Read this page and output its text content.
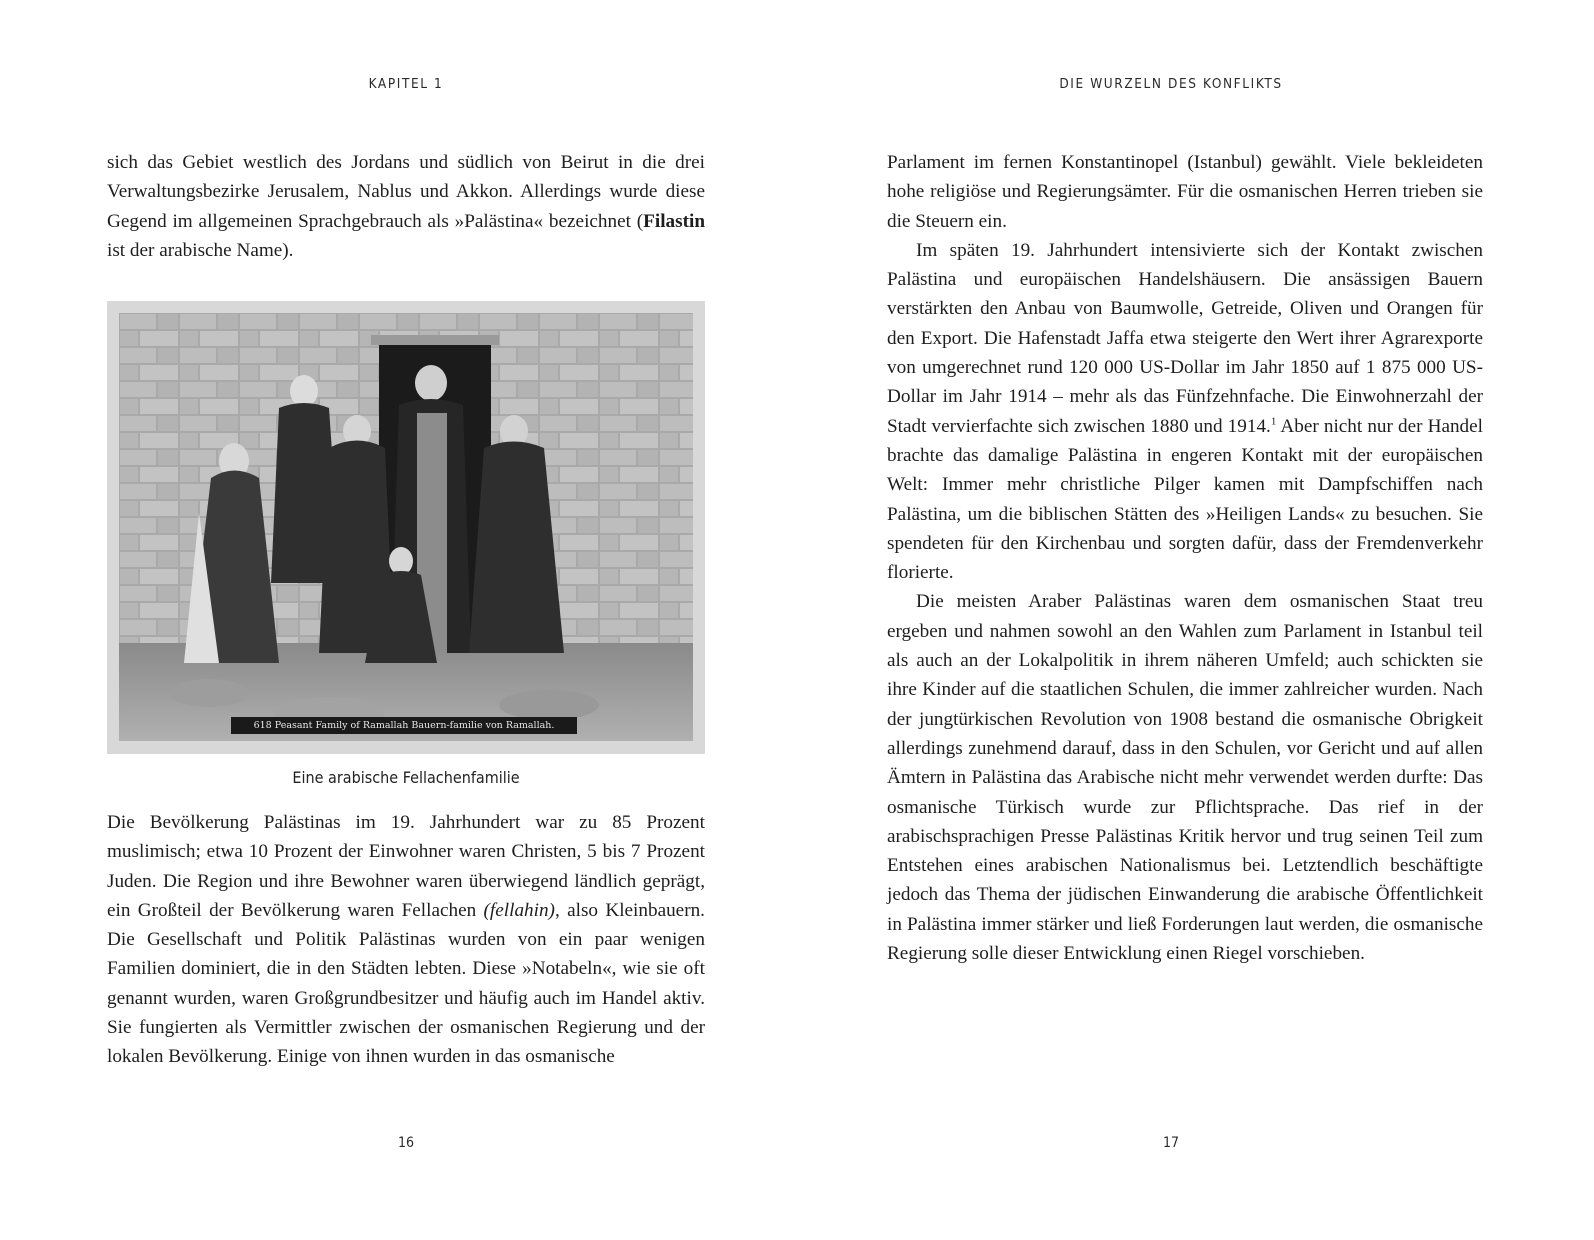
KAPITEL 1

sich das Gebiet westlich des Jordans und südlich von Beirut in die drei Verwaltungsbezirke Jerusalem, Nablus und Akkon. Allerdings wurde diese Gegend im allgemeinen Sprachgebrauch als »Palästina« bezeichnet (Filastin ist der arabische Name).

618 Peasant Family of Ramallah Bauern-familie von Ramallah.
Eine arabische Fellachenfamilie

Die Bevölkerung Palästinas im 19. Jahrhundert war zu 85 Prozent muslimisch; etwa 10 Prozent der Einwohner waren Christen, 5 bis 7 Prozent Juden. Die Region und ihre Bewohner waren überwiegend ländlich geprägt, ein Großteil der Bevölkerung waren Fellachen (fellahin), also Kleinbauern. Die Gesellschaft und Politik Palästinas wurden von ein paar wenigen Familien dominiert, die in den Städten lebten. Diese »Notabeln«, wie sie oft genannt wurden, waren Großgrundbesitzer und häufig auch im Handel aktiv. Sie fungierten als Vermittler zwischen der osmanischen Regierung und der lokalen Bevölkerung. Einige von ihnen wurden in das osmanische

16
DIE WURZELN DES KONFLIKTS

Parlament im fernen Konstantinopel (Istanbul) gewählt. Viele bekleideten hohe religiöse und Regierungsämter. Für die osmanischen Herren trieben sie die Steuern ein.

Im späten 19. Jahrhundert intensivierte sich der Kontakt zwischen Palästina und europäischen Handelshäusern. Die ansässigen Bauern verstärkten den Anbau von Baumwolle, Getreide, Oliven und Orangen für den Export. Die Hafenstadt Jaffa etwa steigerte den Wert ihrer Agrarexporte von umgerechnet rund 120 000 US-Dollar im Jahr 1850 auf 1 875 000 US-Dollar im Jahr 1914 – mehr als das Fünfzehnfache. Die Einwohnerzahl der Stadt vervierfachte sich zwischen 1880 und 1914.$^1$ Aber nicht nur der Handel brachte das damalige Palästina in engeren Kontakt mit der europäischen Welt: Immer mehr christliche Pilger kamen mit Dampfschiffen nach Palästina, um die biblischen Stätten des »Heiligen Lands« zu besuchen. Sie spendeten für den Kirchenbau und sorgten dafür, dass der Fremdenverkehr florierte.

Die meisten Araber Palästinas waren dem osmanischen Staat treu ergeben und nahmen sowohl an den Wahlen zum Parlament in Istanbul teil als auch an der Lokalpolitik in ihrem näheren Umfeld; auch schickten sie ihre Kinder auf die staatlichen Schulen, die immer zahlreicher wurden. Nach der jungtürkischen Revolution von 1908 bestand die osmanische Obrigkeit allerdings zunehmend darauf, dass in den Schulen, vor Gericht und auf allen Ämtern in Palästina das Arabische nicht mehr verwendet werden durfte: Das osmanische Türkisch wurde zur Pflichtsprache. Das rief in der arabischsprachigen Presse Palästinas Kritik hervor und trug seinen Teil zum Entstehen eines arabischen Nationalismus bei. Letztendlich beschäftigte jedoch das Thema der jüdischen Einwanderung die arabische Öffentlichkeit in Palästina immer stärker und ließ Forderungen laut werden, die osmanische Regierung solle dieser Entwicklung einen Riegel vorschieben.

17
